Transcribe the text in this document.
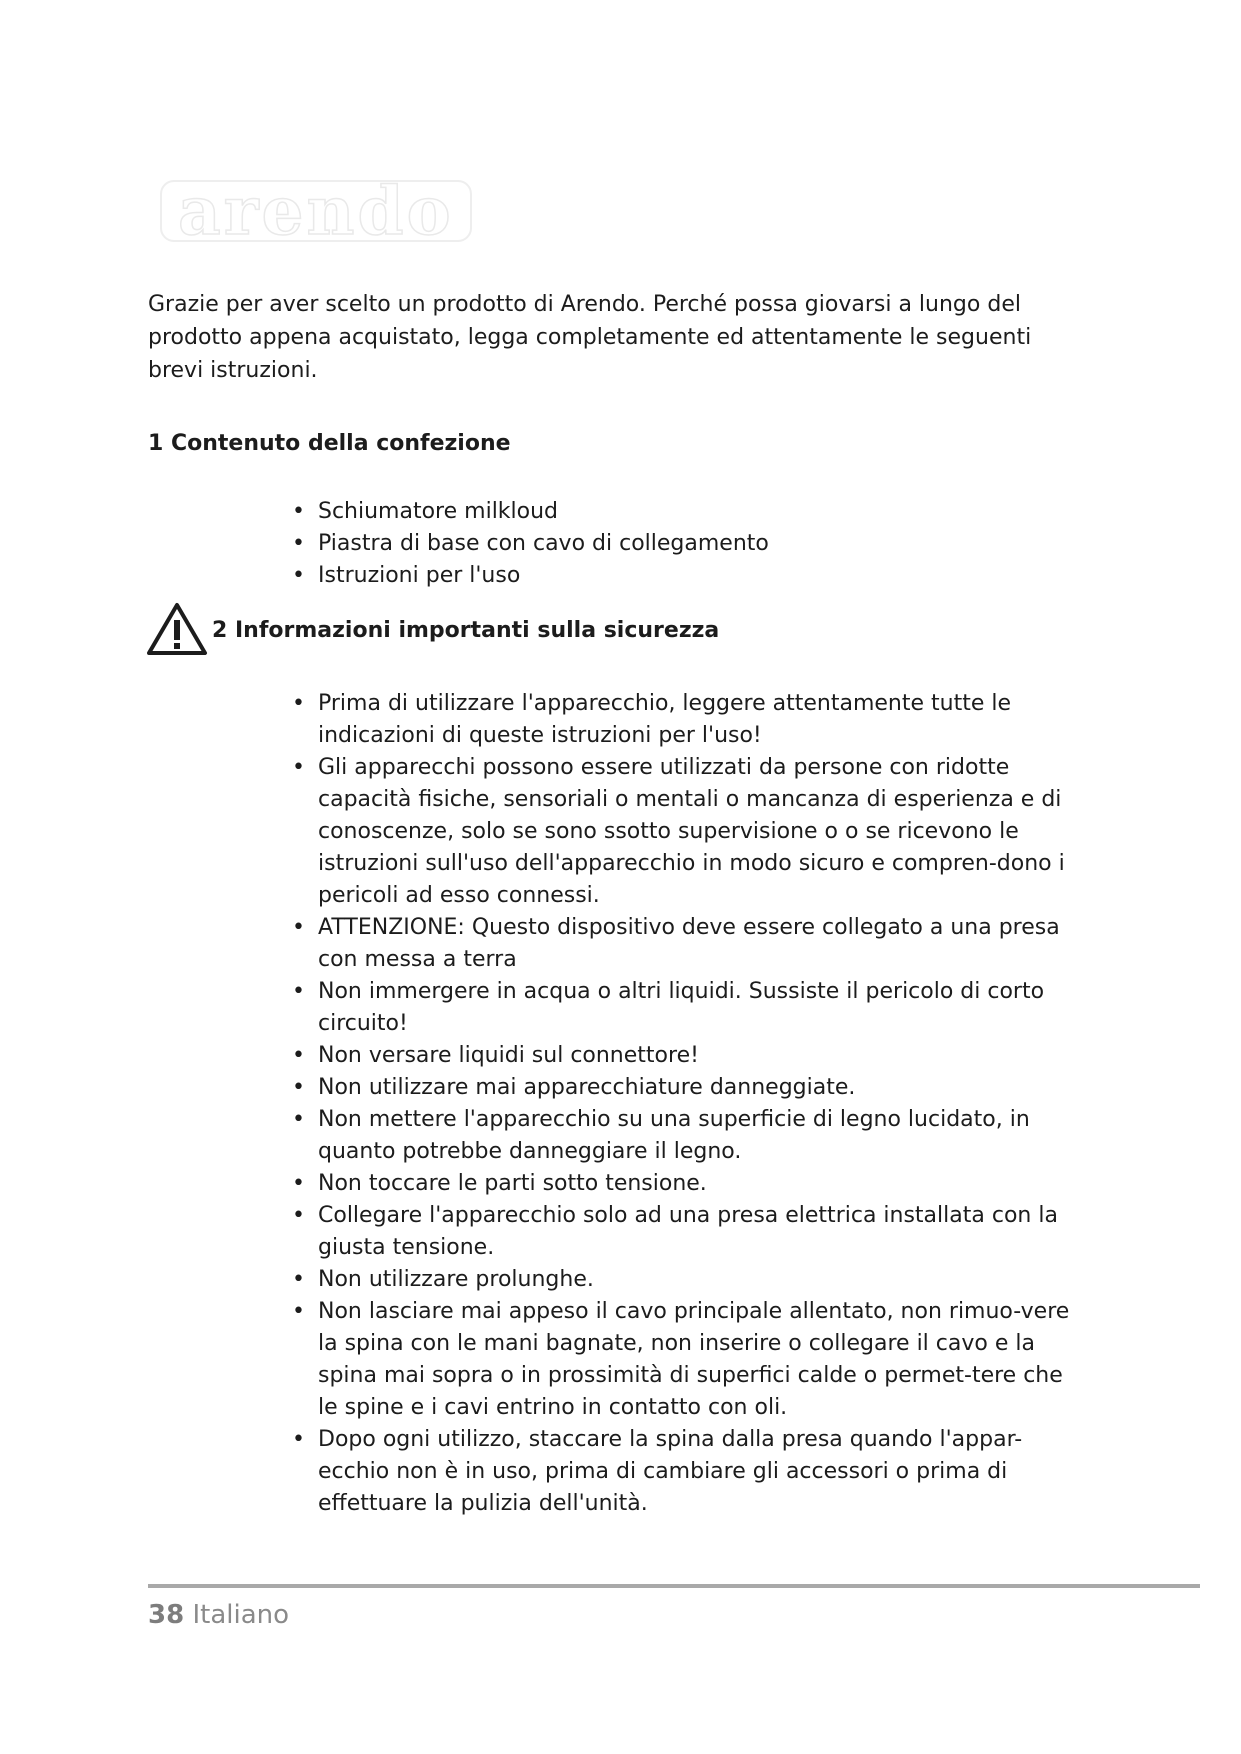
arendo

Grazie per aver scelto un prodotto di Arendo. Perché possa giovarsi a lungo del prodotto appena acquistato, legga completamente ed attentamente le seguenti brevi istruzioni.

1 Contenuto della confezione
• Schiumatore milkloud
• Piastra di base con cavo di collegamento
• Istruzioni per l'uso
2 Informazioni importanti sulla sicurezza
• Prima di utilizzare l'apparecchio, leggere attentamente tutte le indicazioni di queste istruzioni per l'uso!
• Gli apparecchi possono essere utilizzati da persone con ridotte capacità fisiche, sensoriali o mentali o mancanza di esperienza e di conoscenze, solo se sono ssotto supervisione o o se ricevono le istruzioni sull'uso dell'apparecchio in modo sicuro e compren-dono i pericoli ad esso connessi.
• ATTENZIONE: Questo dispositivo deve essere collegato a una presa con messa a terra
• Non immergere in acqua o altri liquidi. Sussiste il pericolo di corto circuito!
• Non versare liquidi sul connettore!
• Non utilizzare mai apparecchiature danneggiate.
• Non mettere l'apparecchio su una superficie di legno lucidato, in quanto potrebbe danneggiare il legno.
• Non toccare le parti sotto tensione.
• Collegare l'apparecchio solo ad una presa elettrica installata con la giusta tensione.
• Non utilizzare prolunghe.
• Non lasciare mai appeso il cavo principale allentato, non rimuo-vere la spina con le mani bagnate, non inserire o collegare il cavo e la spina mai sopra o in prossimità di superfici calde o permet-tere che le spine e i cavi entrino in contatto con oli.
• Dopo ogni utilizzo, staccare la spina dalla presa quando l'appar-ecchio non è in uso, prima di cambiare gli accessori o prima di effettuare la pulizia dell'unità.
38 Italiano
